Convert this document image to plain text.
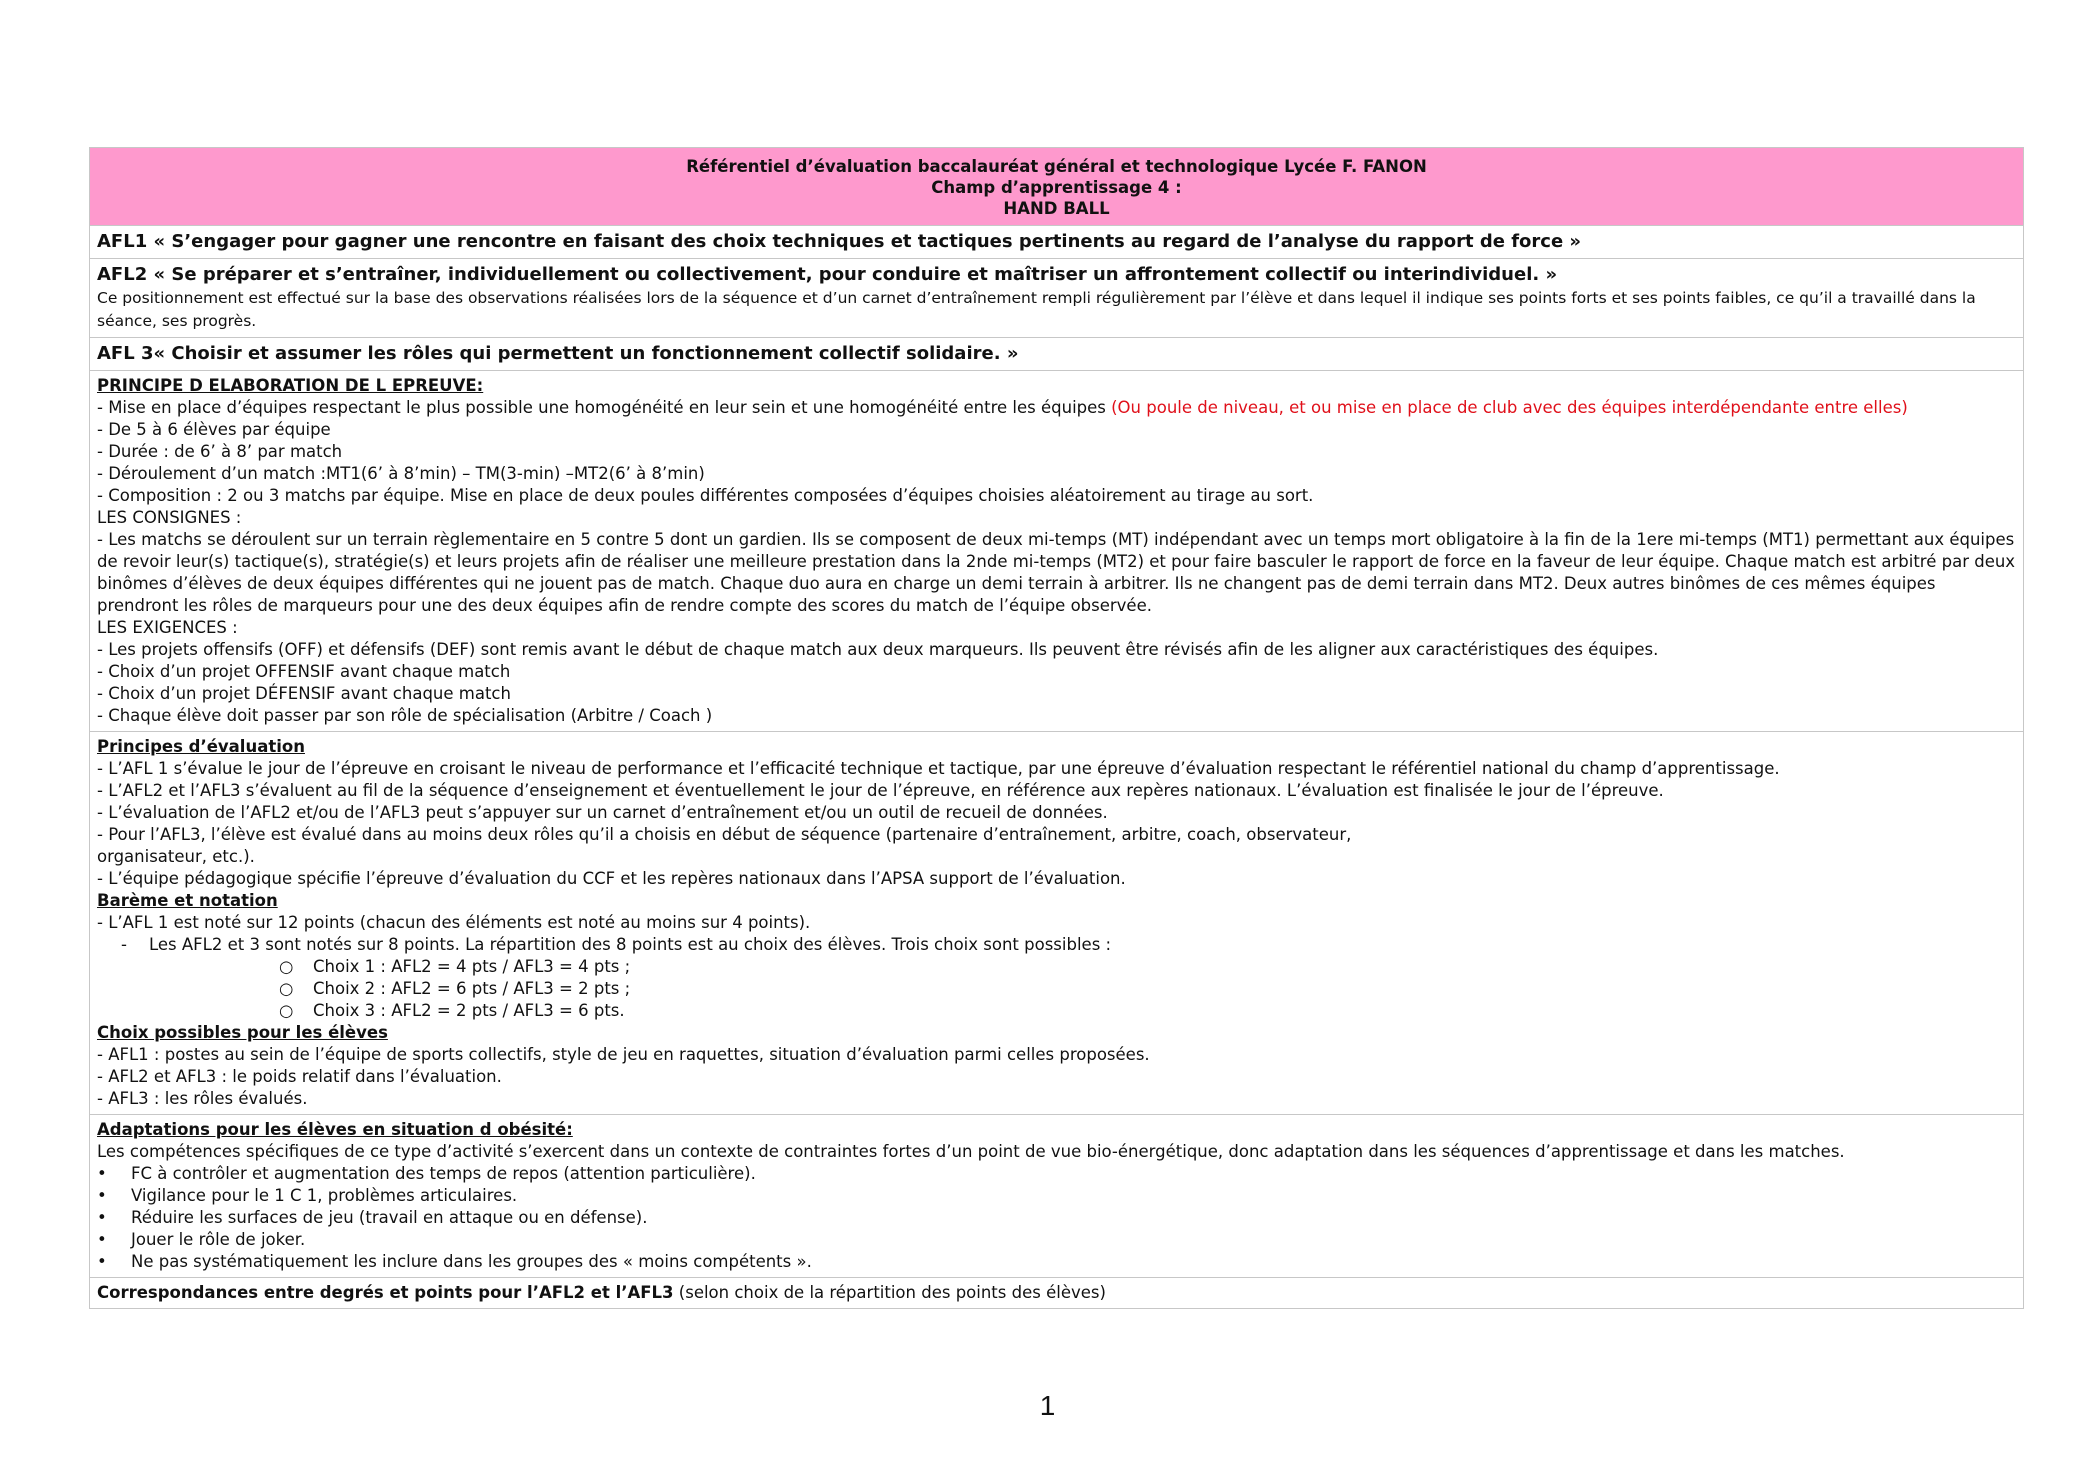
Référentiel d’évaluation baccalauréat général et technologique Lycée F. FANON
Champ d’apprentissage 4 :
HAND BALL

AFL1 « S’engager pour gagner une rencontre en faisant des choix techniques et tactiques pertinents au regard de l’analyse du rapport de force »

AFL2 « Se préparer et s’entraîner, individuellement ou collectivement, pour conduire et maîtriser un affrontement collectif ou interindividuel. »
Ce positionnement est effectué sur la base des observations réalisées lors de la séquence et d’un carnet d’entraînement rempli régulièrement par l’élève et dans lequel il indique ses points forts et ses points faibles, ce qu’il a travaillé dans la séance, ses progrès.

AFL 3« Choisir et assumer les rôles qui permettent un fonctionnement collectif solidaire. »

PRINCIPE D ELABORATION DE L EPREUVE:
- Mise en place d’équipes respectant le plus possible une homogénéité en leur sein et une homogénéité entre les équipes (Ou poule de niveau, et ou mise en place de club avec des équipes interdépendante entre elles)
- De 5 à 6 élèves par équipe
- Durée : de 6’ à 8’ par match
- Déroulement d’un match :MT1(6’ à 8’min) – TM(3-min) –MT2(6’ à 8’min)
- Composition : 2 ou 3 matchs par équipe. Mise en place de deux poules différentes composées d’équipes choisies aléatoirement au tirage au sort.
LES CONSIGNES :
- Les matchs se déroulent sur un terrain règlementaire en 5 contre 5 dont un gardien. Ils se composent de deux mi-temps (MT) indépendant avec un temps mort obligatoire à la fin de la 1ere mi-temps (MT1) permettant aux équipes de revoir leur(s) tactique(s), stratégie(s) et leurs projets afin de réaliser une meilleure prestation dans la 2nde mi-temps (MT2) et pour faire basculer le rapport de force en la faveur de leur équipe. Chaque match est arbitré par deux binômes d’élèves de deux équipes différentes qui ne jouent pas de match. Chaque duo aura en charge un demi terrain à arbitrer. Ils ne changent pas de demi terrain dans MT2. Deux autres binômes de ces mêmes équipes prendront les rôles de marqueurs pour une des deux équipes afin de rendre compte des scores du match de l’équipe observée.
LES EXIGENCES :
- Les projets offensifs (OFF) et défensifs (DEF) sont remis avant le début de chaque match aux deux marqueurs. Ils peuvent être révisés afin de les aligner aux caractéristiques des équipes.
- Choix d’un projet OFFENSIF avant chaque match
- Choix d’un projet DÉFENSIF avant chaque match
- Chaque élève doit passer par son rôle de spécialisation (Arbitre / Coach )

Principes d’évaluation
- L’AFL 1 s’évalue le jour de l’épreuve en croisant le niveau de performance et l’efficacité technique et tactique, par une épreuve d’évaluation respectant le référentiel national du champ d’apprentissage.
- L’AFL2 et l’AFL3 s’évaluent au fil de la séquence d’enseignement et éventuellement le jour de l’épreuve, en référence aux repères nationaux. L’évaluation est finalisée le jour de l’épreuve.
- L’évaluation de l’AFL2 et/ou de l’AFL3 peut s’appuyer sur un carnet d’entraînement et/ou un outil de recueil de données.
- Pour l’AFL3, l’élève est évalué dans au moins deux rôles qu’il a choisis en début de séquence (partenaire d’entraînement, arbitre, coach, observateur,
organisateur, etc.).
- L’équipe pédagogique spécifie l’épreuve d’évaluation du CCF et les repères nationaux dans l’APSA support de l’évaluation.
Barème et notation
- L’AFL 1 est noté sur 12 points (chacun des éléments est noté au moins sur 4 points).
- Les AFL2 et 3 sont notés sur 8 points. La répartition des 8 points est au choix des élèves. Trois choix sont possibles :
○ Choix 1 : AFL2 = 4 pts / AFL3 = 4 pts ;
○ Choix 2 : AFL2 = 6 pts / AFL3 = 2 pts ;
○ Choix 3 : AFL2 = 2 pts / AFL3 = 6 pts.
Choix possibles pour les élèves
- AFL1 : postes au sein de l’équipe de sports collectifs, style de jeu en raquettes, situation d’évaluation parmi celles proposées.
- AFL2 et AFL3 : le poids relatif dans l’évaluation.
- AFL3 : les rôles évalués.

Adaptations pour les élèves en situation d obésité:
Les compétences spécifiques de ce type d’activité s’exercent dans un contexte de contraintes fortes d’un point de vue bio-énergétique, donc adaptation dans les séquences d’apprentissage et dans les matches.
• FC à contrôler et augmentation des temps de repos (attention particulière).
• Vigilance pour le 1 C 1, problèmes articulaires.
• Réduire les surfaces de jeu (travail en attaque ou en défense).
• Jouer le rôle de joker.
• Ne pas systématiquement les inclure dans les groupes des « moins compétents ».

Correspondances entre degrés et points pour l’AFL2 et l’AFL3 (selon choix de la répartition des points des élèves)
1
